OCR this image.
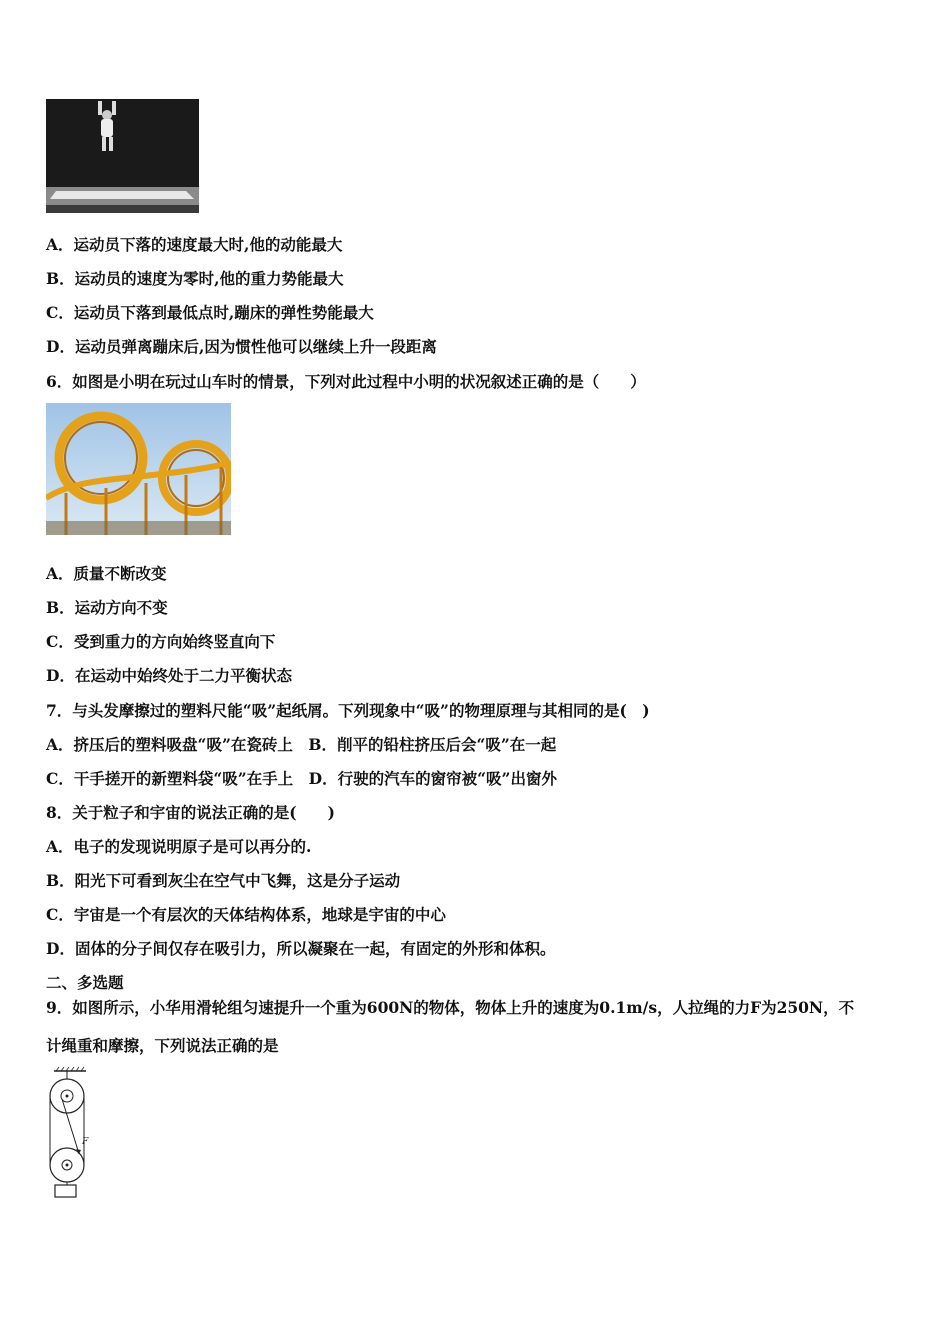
A．运动员下落的速度最大时,他的动能最大
B．运动员的速度为零时,他的重力势能最大
C．运动员下落到最低点时,蹦床的弹性势能最大
D．运动员弹离蹦床后,因为惯性他可以继续上升一段距离
6．如图是小明在玩过山车时的情景，下列对此过程中小明的状况叙述正确的是（　　）
A．质量不断改变
B．运动方向不变
C．受到重力的方向始终竖直向下
D．在运动中始终处于二力平衡状态
7．与头发摩擦过的塑料尺能“吸”起纸屑。下列现象中“吸”的物理原理与其相同的是(　)
A．挤压后的塑料吸盘“吸”在瓷砖上　B．削平的铅柱挤压后会“吸”在一起
C．干手搓开的新塑料袋“吸”在手上　D．行驶的汽车的窗帘被“吸”出窗外
8．关于粒子和宇宙的说法正确的是(　　)
A．电子的发现说明原子是可以再分的.
B．阳光下可看到灰尘在空气中飞舞，这是分子运动
C．宇宙是一个有层次的天体结构体系，地球是宇宙的中心
D．固体的分子间仅存在吸引力，所以凝聚在一起，有固定的外形和体积。
二、多选题
9．如图所示，小华用滑轮组匀速提升一个重为600N的物体，物体上升的速度为0.1m/s，人拉绳的力F为250N，不
计绳重和摩擦，下列说法正确的是
F
